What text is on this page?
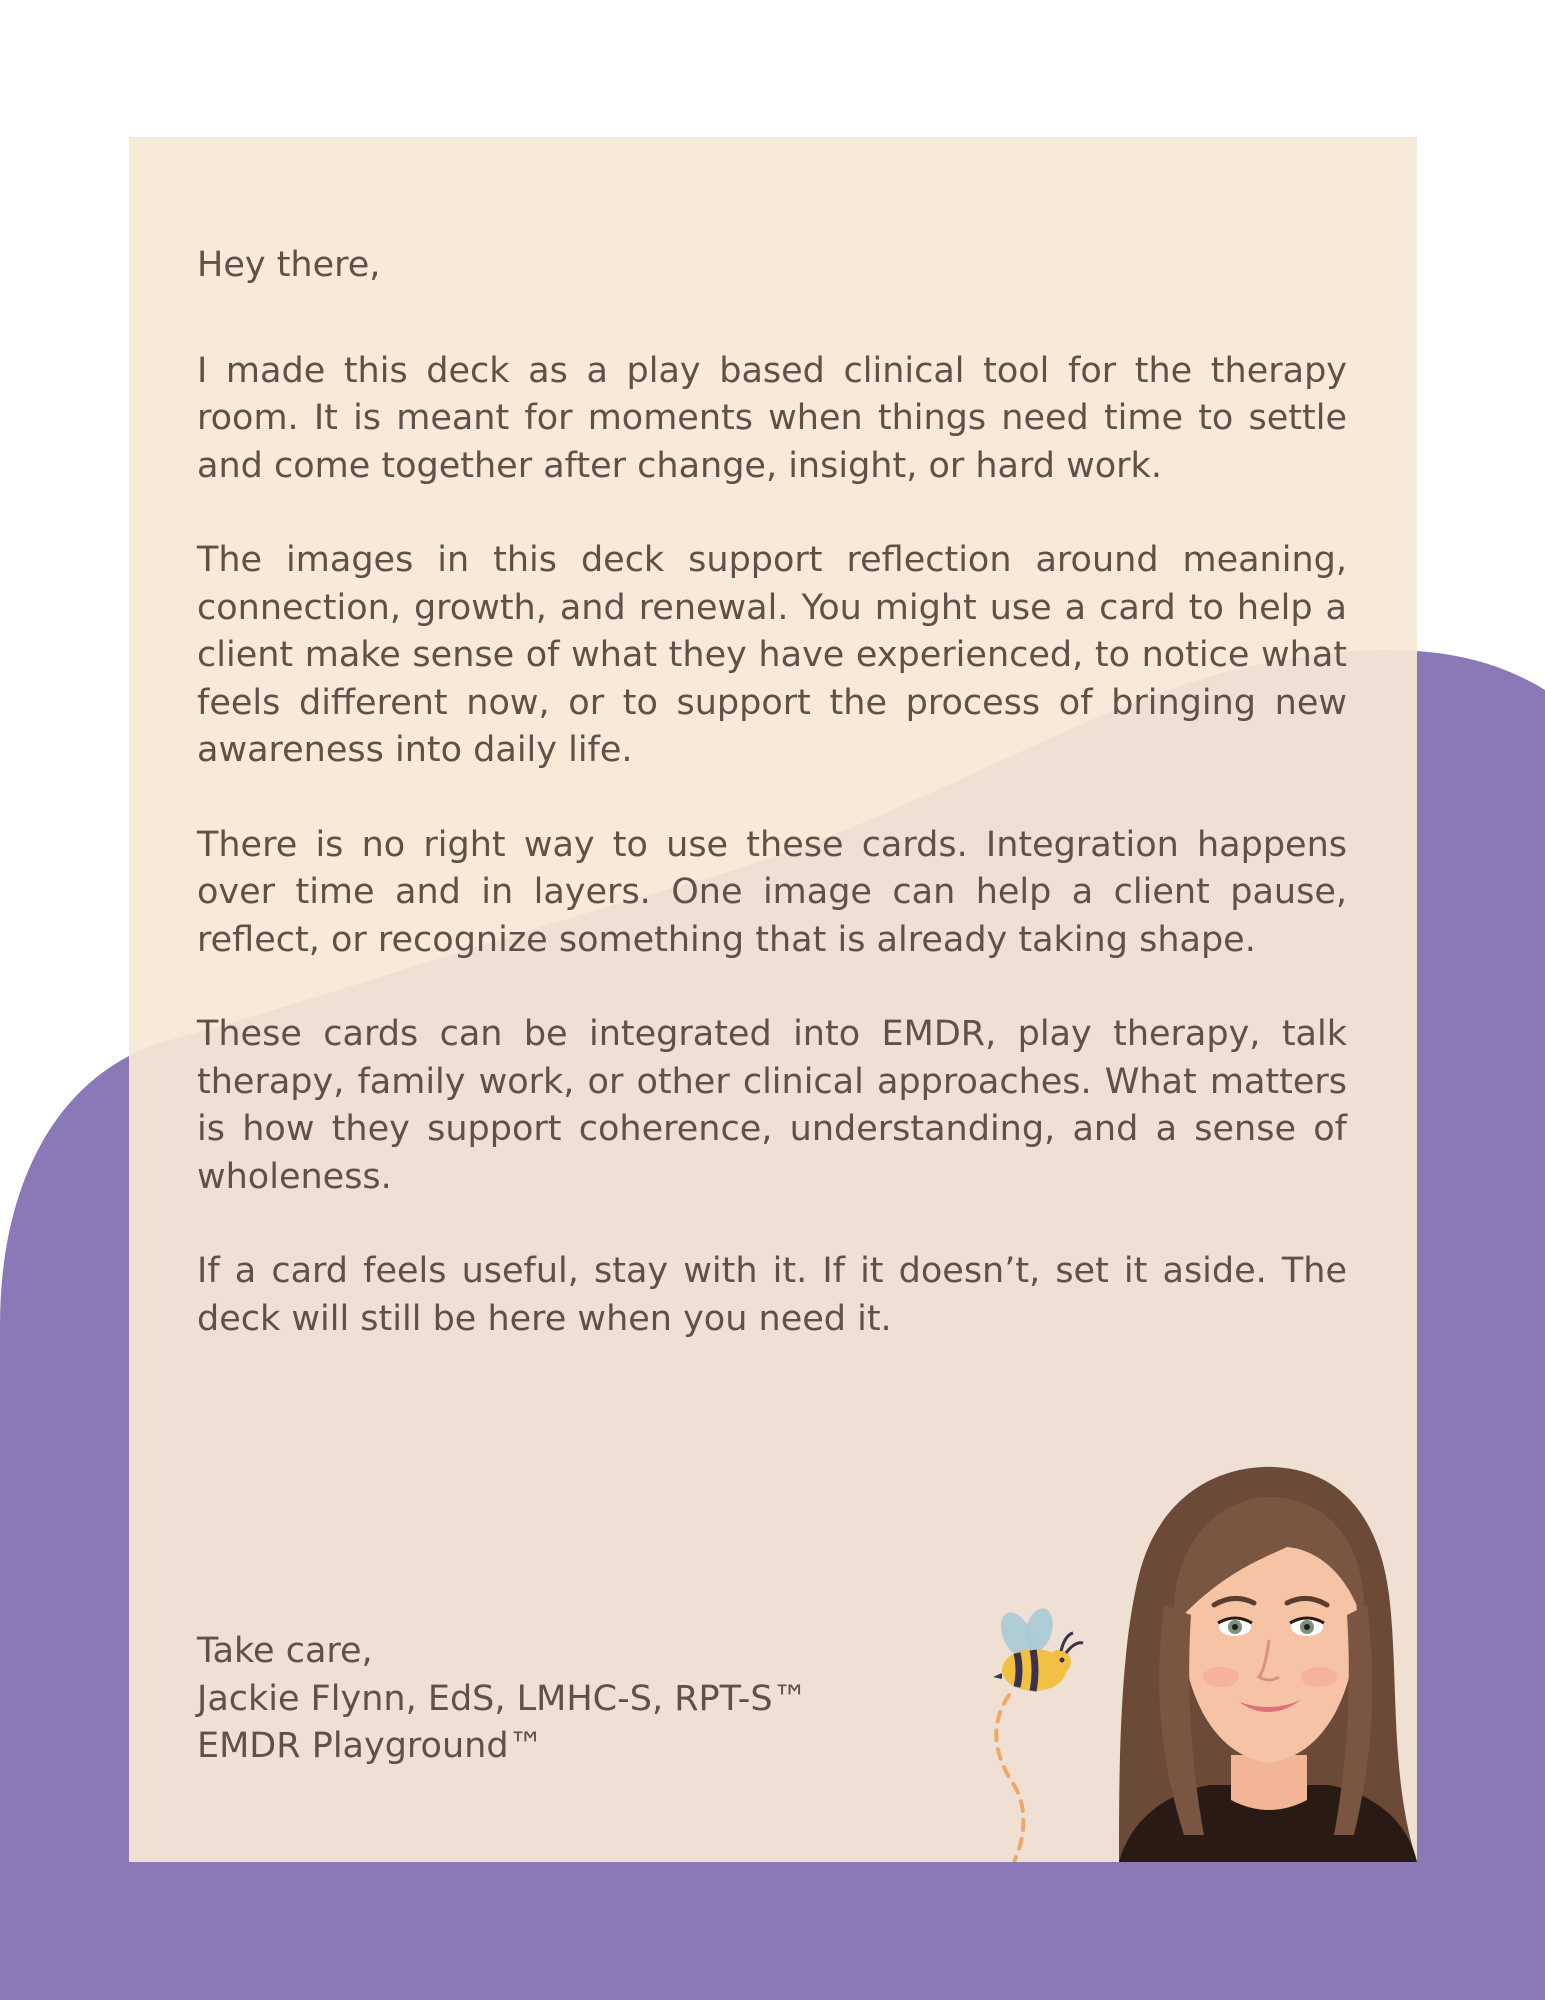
Hey there,

I made this deck as a play based clinical tool for the therapy room. It is meant for moments when things need time to settle and come together after change, insight, or hard work.

The images in this deck support reflection around meaning, connection, growth, and renewal. You might use a card to help a client make sense of what they have experienced, to notice what feels different now, or to support the process of bringing new awareness into daily life.

There is no right way to use these cards. Integration happens over time and in layers. One image can help a client pause, reflect, or recognize something that is already taking shape.

These cards can be integrated into EMDR, play therapy, talk therapy, family work, or other clinical approaches. What matters is how they support coherence, understanding, and a sense of wholeness.

If a card feels useful, stay with it. If it doesn’t, set it aside. The deck will still be here when you need it.

Take care,
Jackie Flynn, EdS, LMHC-S, RPT-S™
EMDR Playground™
